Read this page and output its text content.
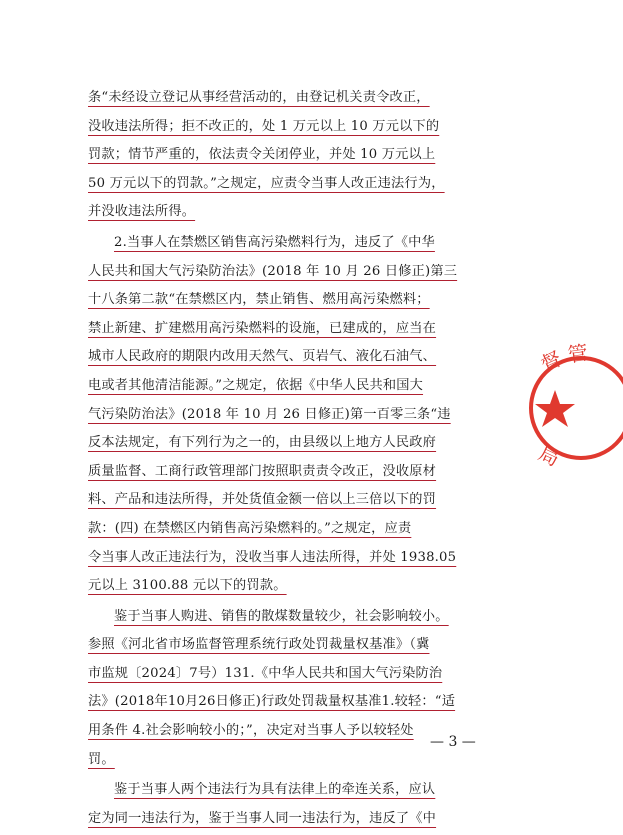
条“未经设立登记从事经营活动的，由登记机关责令改正，
没收违法所得；拒不改正的，处 1 万元以上 10 万元以下的
罚款；情节严重的，依法责令关闭停业，并处 10 万元以上
50 万元以下的罚款。”之规定，应责令当事人改正违法行为，
并没收违法所得。
2.当事人在禁燃区销售高污染燃料行为，违反了《中华
人民共和国大气污染防治法》(2018 年 10 月 26 日修正)第三
十八条第二款“在禁燃区内，禁止销售、燃用高污染燃料；
禁止新建、扩建燃用高污染燃料的设施，已建成的，应当在
城市人民政府的期限内改用天然气、页岩气、液化石油气、
电或者其他清洁能源。”之规定，依据《中华人民共和国大
气污染防治法》(2018 年 10 月 26 日修正)第一百零三条“违
反本法规定，有下列行为之一的，由县级以上地方人民政府
质量监督、工商行政管理部门按照职责责令改正，没收原材
料、产品和违法所得，并处货值金额一倍以上三倍以下的罚
款：(四) 在禁燃区内销售高污染燃料的。”之规定，应责
令当事人改正违法行为，没收当事人违法所得，并处 1938.05
元以上 3100.88 元以下的罚款。
鉴于当事人购进、销售的散煤数量较少，社会影响较小。
参照《河北省市场监督管理系统行政处罚裁量权基准》（冀
市监规〔2024〕7号）131.《中华人民共和国大气污染防治
法》(2018年10月26日修正)行政处罚裁量权基准1.较轻：“适
用条件 4.社会影响较小的；”，决定对当事人予以较轻处
罚。
鉴于当事人两个违法行为具有法律上的牵连关系，应认
定为同一违法行为，鉴于当事人同一违法行为，违反了《中
督 管
局
— 3 —
